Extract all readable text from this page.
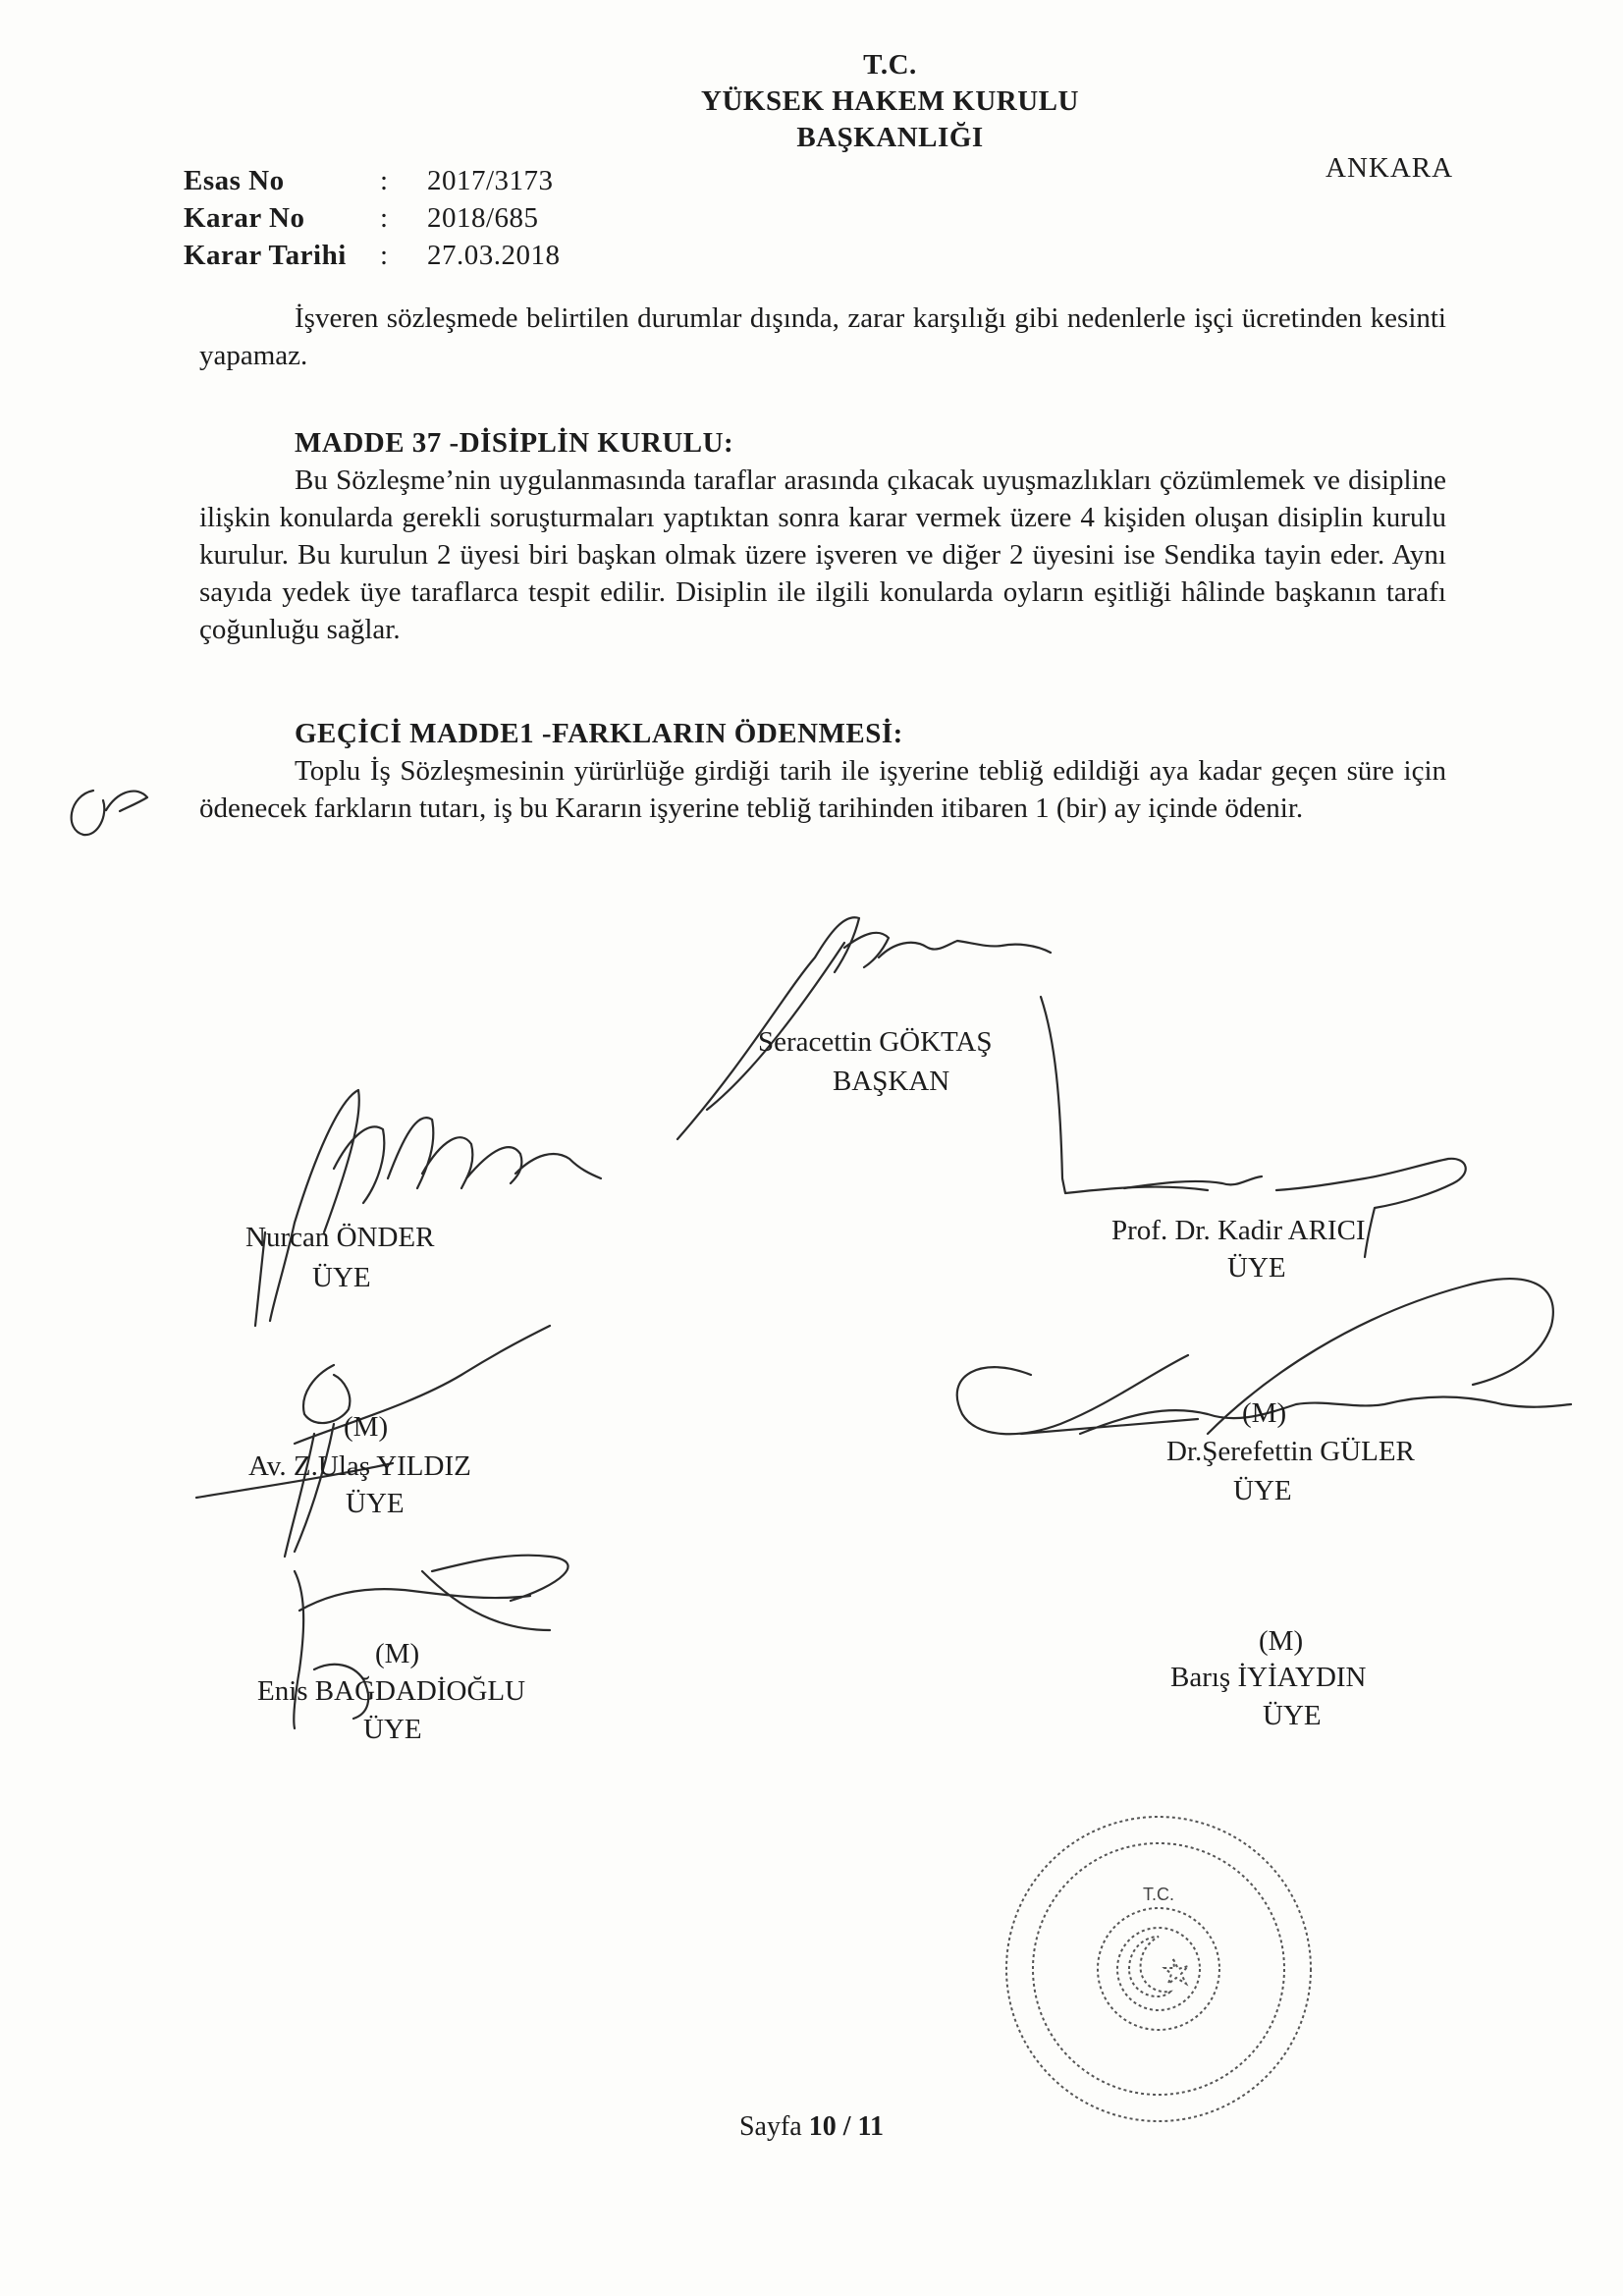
T.C.
YÜKSEK HAKEM KURULU
BAŞKANLIĞI
ANKARA
Esas No	:	2017/3173
Karar No	:	2018/685
Karar Tarihi	:	27.03.2018

İşveren sözleşmede belirtilen durumlar dışında, zarar karşılığı gibi nedenlerle işçi ücretinden kesinti yapamaz.

MADDE 37 -DİSİPLİN KURULU:

Bu Sözleşme’nin uygulanmasında taraflar arasında çıkacak uyuşmazlıkları çözümlemek ve disipline ilişkin konularda gerekli soruşturmaları yaptıktan sonra karar vermek üzere 4 kişiden oluşan disiplin kurulu kurulur. Bu kurulun 2 üyesi biri başkan olmak üzere işveren ve diğer 2 üyesini ise Sendika tayin eder. Aynı sayıda yedek üye taraflarca tespit edilir. Disiplin ile ilgili konularda oyların eşitliği hâlinde başkanın tarafı çoğunluğu sağlar.

GEÇİCİ MADDE1 -FARKLARIN ÖDENMESİ:

Toplu İş Sözleşmesinin yürürlüğe girdiği tarih ile işyerine tebliğ edildiği aya kadar geçen süre için ödenecek farkların tutarı, iş bu Kararın işyerine tebliğ tarihinden itibaren 1 (bir) ay içinde ödenir.

T.C.
Seracettin GÖKTAŞ
BAŞKAN
Nurcan ÖNDER
ÜYE
Prof. Dr. Kadir ARICI
ÜYE
(M)
Av. Z.Ulaş YILDIZ
ÜYE
(M)
Dr.Şerefettin GÜLER
ÜYE
(M)
Enis BAĞDADİOĞLU
ÜYE
(M)
Barış İYİAYDIN
ÜYE
Sayfa 10 / 11
